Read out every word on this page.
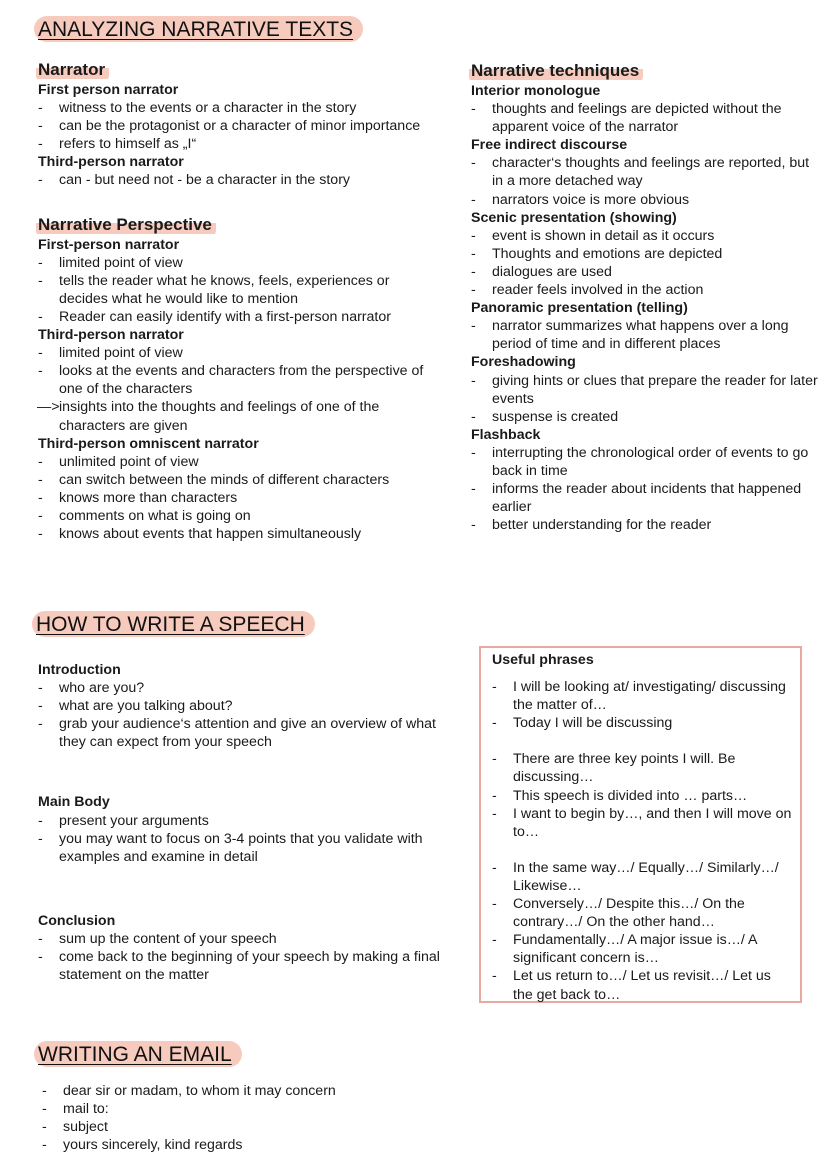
ANALYZING NARRATIVE TEXTS
Narrator
First person narrator
- witness to the events or a character in the story
- can be the protagonist or a character of minor importance
- refers to himself as „I“
Third-person narrator
- can - but need not - be a character in the story
Narrative Perspective
First-person narrator
- limited point of view
- tells the reader what he knows, feels, experiences or decides what he would like to mention
- Reader can easily identify with a first-person narrator
Third-person narrator
- limited point of view
- looks at the events and characters from the perspective of one of the characters
—> insights into the thoughts and feelings of one of the characters are given
Third-person omniscent narrator
- unlimited point of view
- can switch between the minds of different characters
- knows more than characters
- comments on what is going on
- knows about events that happen simultaneously
Narrative techniques
Interior monologue
- thoughts and feelings are depicted without the apparent voice of the narrator
Free indirect discourse
- character‘s thoughts and feelings are reported, but in a more detached way
- narrators voice is more obvious
Scenic presentation (showing)
- event is shown in detail as it occurs
- Thoughts and emotions are depicted
- dialogues are used
- reader feels involved in the action
Panoramic presentation (telling)
- narrator summarizes what happens over a long period of time and in different places
Foreshadowing
- giving hints or clues that prepare the reader for later events
- suspense is created
Flashback
- interrupting the chronological order of events to go back in time
- informs the reader about incidents that happened earlier
- better understanding for the reader
HOW TO WRITE A SPEECH
Introduction
- who are you?
- what are you talking about?
- grab your audience‘s attention and give an overview of what they can expect from your speech
Main Body
- present your arguments
- you may want to focus on 3-4 points that you validate with examples and examine in detail
Conclusion
- sum up the content of your speech
- come back to the beginning of your speech by making a final statement on the matter
Useful phrases
- I will be looking at/ investigating/ discussing the matter of…
- Today I will be discussing
- There are three key points I will. Be discussing…
- This speech is divided into … parts…
- I want to begin by…, and then I will move on to…
- In the same way…/ Equally…/ Similarly…/ Likewise…
- Conversely…/ Despite this…/ On the contrary…/ On the other hand…
- Fundamentally…/ A major issue is…/ A significant concern is…
- Let us return to…/ Let us revisit…/ Let us the get back to…
WRITING AN EMAIL
- dear sir or madam, to whom it may concern
- mail to:
- subject
- yours sincerely, kind regards
